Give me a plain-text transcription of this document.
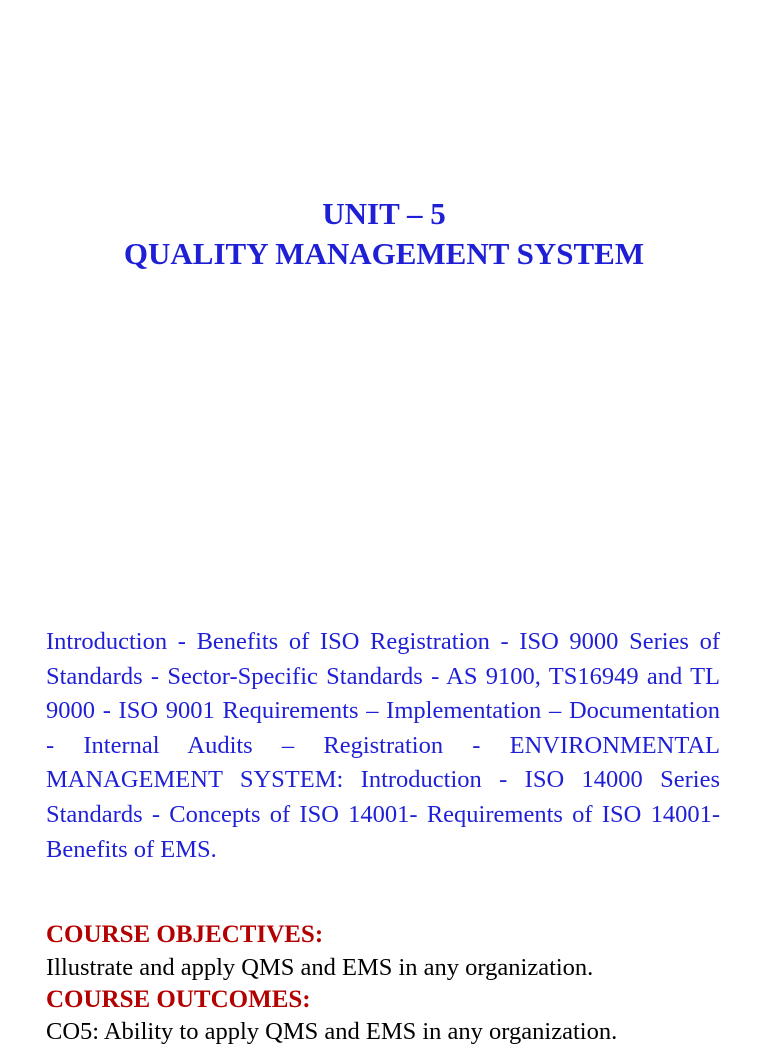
UNIT – 5
QUALITY MANAGEMENT SYSTEM

Introduction - Benefits of ISO Registration - ISO 9000 Series of Standards - Sector-Specific Standards - AS 9100, TS16949 and TL 9000 - ISO 9001 Requirements – Implementation – Documentation - Internal Audits – Registration - ENVIRONMENTAL MANAGEMENT SYSTEM: Introduction - ISO 14000 Series Standards - Concepts of ISO 14001- Requirements of ISO 14001- Benefits of EMS.

COURSE OBJECTIVES:
Illustrate and apply QMS and EMS in any organization.
COURSE OUTCOMES:
CO5: Ability to apply QMS and EMS in any organization.
